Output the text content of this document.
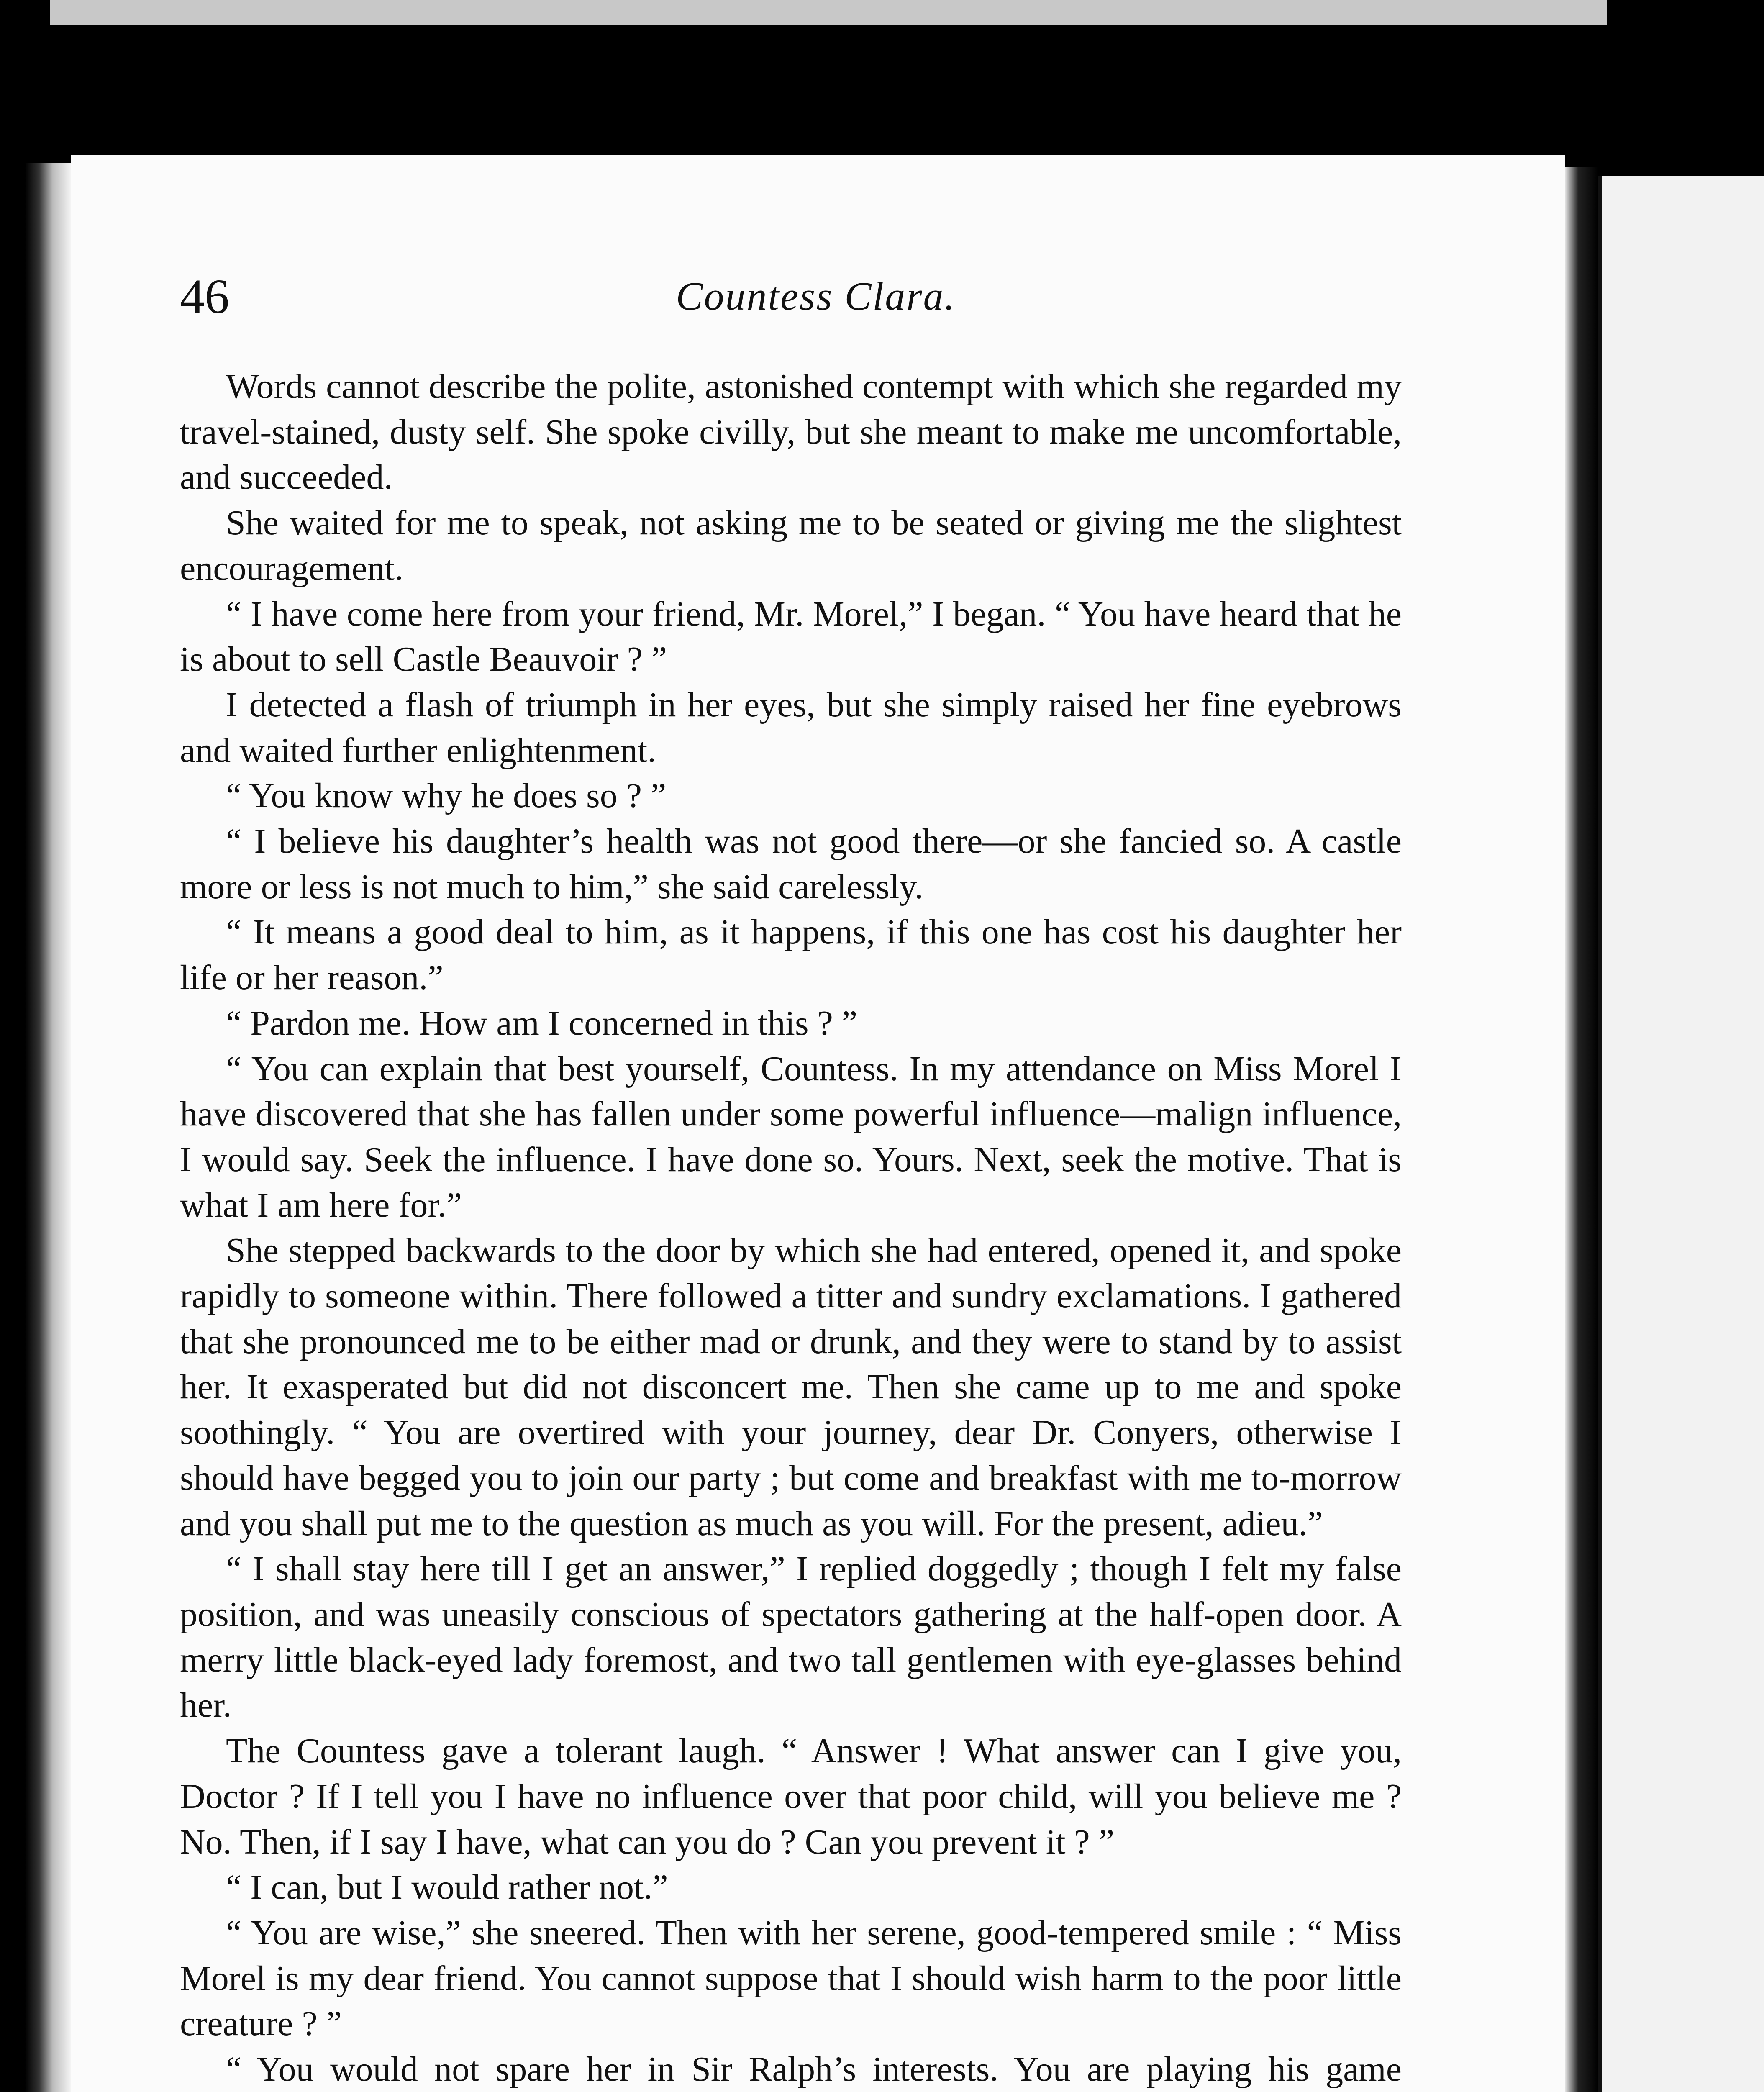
46	Countess Clara.

Words cannot describe the polite, astonished contempt with which she regarded my travel-stained, dusty self. She spoke civilly, but she meant to make me uncomfortable, and succeeded.

She waited for me to speak, not asking me to be seated or giving me the slightest encouragement.

“ I have come here from your friend, Mr. Morel,” I began. “ You have heard that he is about to sell Castle Beauvoir ? ”

I detected a flash of triumph in her eyes, but she simply raised her fine eyebrows and waited further enlightenment.

“ You know why he does so ? ”

“ I believe his daughter’s health was not good there—or she fancied so. A castle more or less is not much to him,” she said carelessly.

“ It means a good deal to him, as it happens, if this one has cost his daughter her life or her reason.”

“ Pardon me. How am I concerned in this ? ”

“ You can explain that best yourself, Countess. In my attendance on Miss Morel I have discovered that she has fallen under some powerful influence—malign influence, I would say. Seek the influence. I have done so. Yours. Next, seek the motive. That is what I am here for.”

She stepped backwards to the door by which she had entered, opened it, and spoke rapidly to someone within. There followed a titter and sundry exclamations. I gathered that she pronounced me to be either mad or drunk, and they were to stand by to assist her. It exasperated but did not disconcert me. Then she came up to me and spoke soothingly. “ You are overtired with your journey, dear Dr. Conyers, otherwise I should have begged you to join our party ; but come and breakfast with me to-morrow and you shall put me to the question as much as you will. For the present, adieu.”

“ I shall stay here till I get an answer,” I replied doggedly ; though I felt my false position, and was uneasily conscious of spectators gathering at the half-open door. A merry little black-eyed lady foremost, and two tall gentlemen with eye-glasses behind her.

The Countess gave a tolerant laugh. “ Answer ! What answer can I give you, Doctor ? If I tell you I have no influence over that poor child, will you believe me ? No. Then, if I say I have, what can you do ? Can you prevent it ? ”

“ I can, but I would rather not.”

“ You are wise,” she sneered. Then with her serene, good-tempered smile : “ Miss Morel is my dear friend. You cannot suppose that I should wish harm to the poor little creature ? ”

“ You would not spare her in Sir Ralph’s interests. You are playing his game
